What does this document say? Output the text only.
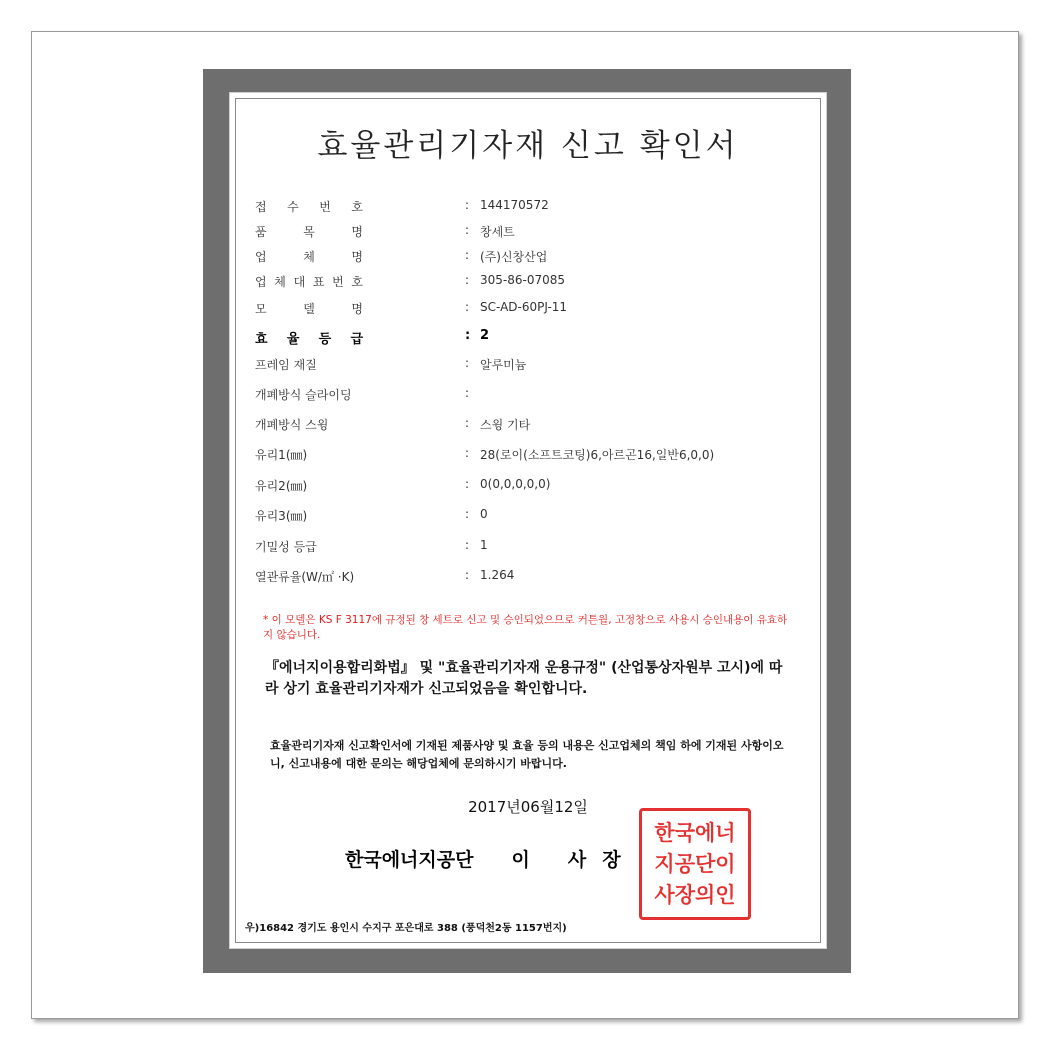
효율관리기자재 신고 확인서
접 수 번 호	: 144170572
품	목	명	: 창세트
업	체	명	: (주)신창산업
업 체 대 표 번 호	: 305-86-07085
모	델	명	: SC-AD-60PJ-11
효 율 등 급	: 2
프레임 재질	: 알루미늄
개폐방식 슬라이딩	:
개폐방식 스윙	: 스윙 기타
유리1(㎜)	: 28(로이(소프트코팅)6,아르곤16,일반6,0,0)
유리2(㎜)	: 0(0,0,0,0,0)
유리3(㎜)	: 0
기밀성 등급	: 1
열관류율(W/㎡ ·K)	: 1.264
* 이 모델은 KS F 3117에 규정된 창 세트로 신고 및 승인되었으므로 커튼월, 고정창으로 사용시 승인내용이 유효하지 않습니다.
『에너지이용합리화법』 및 "효율관리기자재 운용규정" (산업통상자원부 고시)에 따라 상기 효율관리기자재가 신고되었음을 확인합니다.
효율관리기자재 신고확인서에 기재된 제품사양 및 효율 등의 내용은 신고업체의 책임 하에 기재된 사항이오니, 신고내용에 대한 문의는 해당업체에 문의하시기 바랍니다.
2017년06월12일
한국에너지공단 이 사 장
한국에너
지공단이
사장의인
우)16842 경기도 용인시 수지구 포은대로 388 (풍덕천2동 1157번지)
